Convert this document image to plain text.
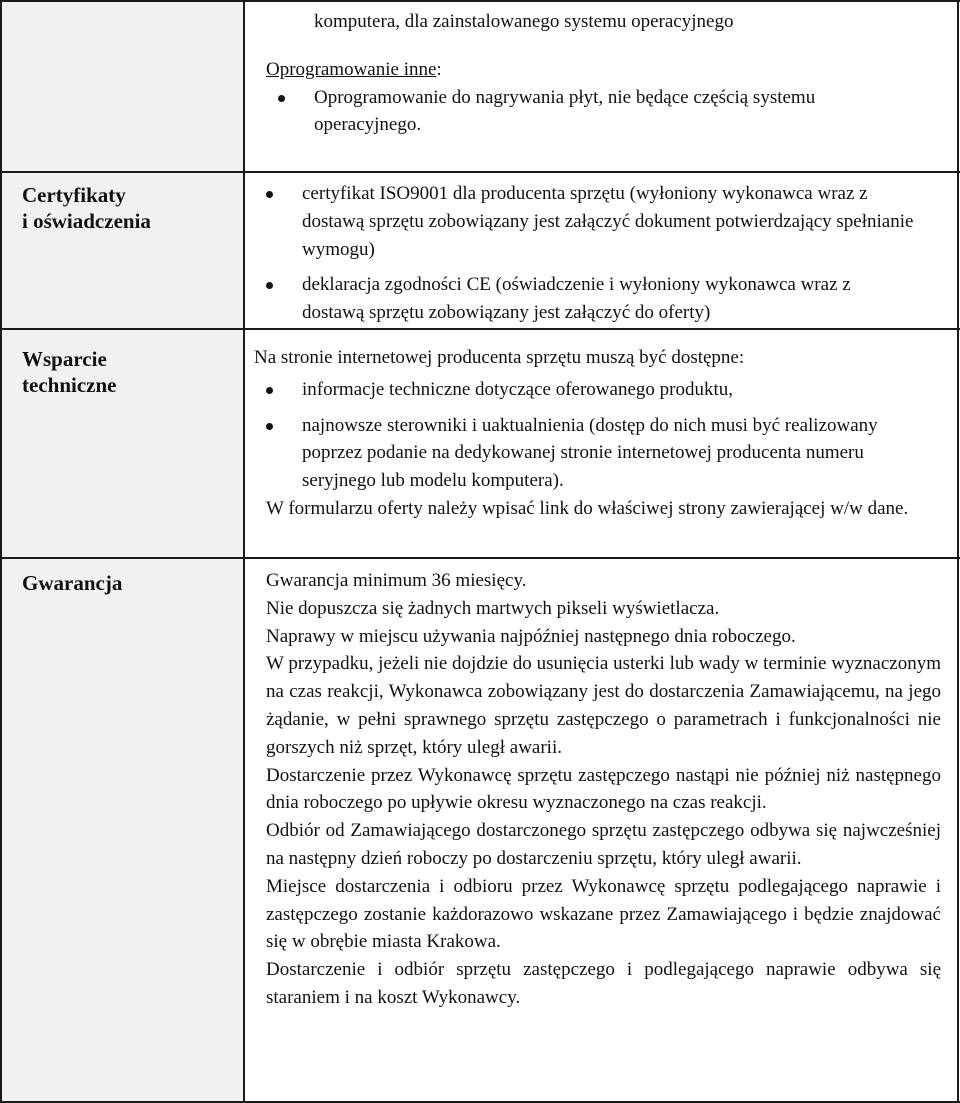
komputera, dla zainstalowanego systemu operacyjnego

Oprogramowanie inne:

Oprogramowanie do nagrywania płyt, nie będące częścią systemu operacyjnego.
Certyfikaty
i oświadczenia
certyfikat ISO9001 dla producenta sprzętu (wyłoniony wykonawca wraz z dostawą sprzętu zobowiązany jest załączyć dokument potwierdzający spełnianie wymogu)
deklaracja zgodności CE (oświadczenie i wyłoniony wykonawca wraz z dostawą sprzętu zobowiązany jest załączyć do oferty)
Wsparcie
techniczne

Na stronie internetowej producenta sprzętu muszą być dostępne:

informacje techniczne dotyczące oferowanego produktu,
najnowsze sterowniki i uaktualnienia (dostęp do nich musi być realizowany poprzez podanie na dedykowanej stronie internetowej producenta numeru seryjnego lub modelu komputera).

W formularzu oferty należy wpisać link do właściwej strony zawierającej w/w dane.

Gwarancja	Gwarancja minimum 36 miesięcy.

Nie dopuszcza się żadnych martwych pikseli wyświetlacza.

Naprawy w miejscu używania najpóźniej następnego dnia roboczego.

W przypadku, jeżeli nie dojdzie do usunięcia usterki lub wady w terminie wyznaczonym na czas reakcji, Wykonawca zobowiązany jest do dostarczenia Zamawiającemu, na jego żądanie, w pełni sprawnego sprzętu zastępczego o parametrach i funkcjonalności nie gorszych niż sprzęt, który uległ awarii.

Dostarczenie przez Wykonawcę sprzętu zastępczego nastąpi nie później niż następnego dnia roboczego po upływie okresu wyznaczonego na czas reakcji.

Odbiór od Zamawiającego dostarczonego sprzętu zastępczego odbywa się najwcześniej na następny dzień roboczy po dostarczeniu sprzętu, który uległ awarii.

Miejsce dostarczenia i odbioru przez Wykonawcę sprzętu podlegającego naprawie i zastępczego zostanie każdorazowo wskazane przez Zamawiającego i będzie znajdować się w obrębie miasta Krakowa.

Dostarczenie i odbiór sprzętu zastępczego i podlegającego naprawie odbywa się staraniem i na koszt Wykonawcy.
